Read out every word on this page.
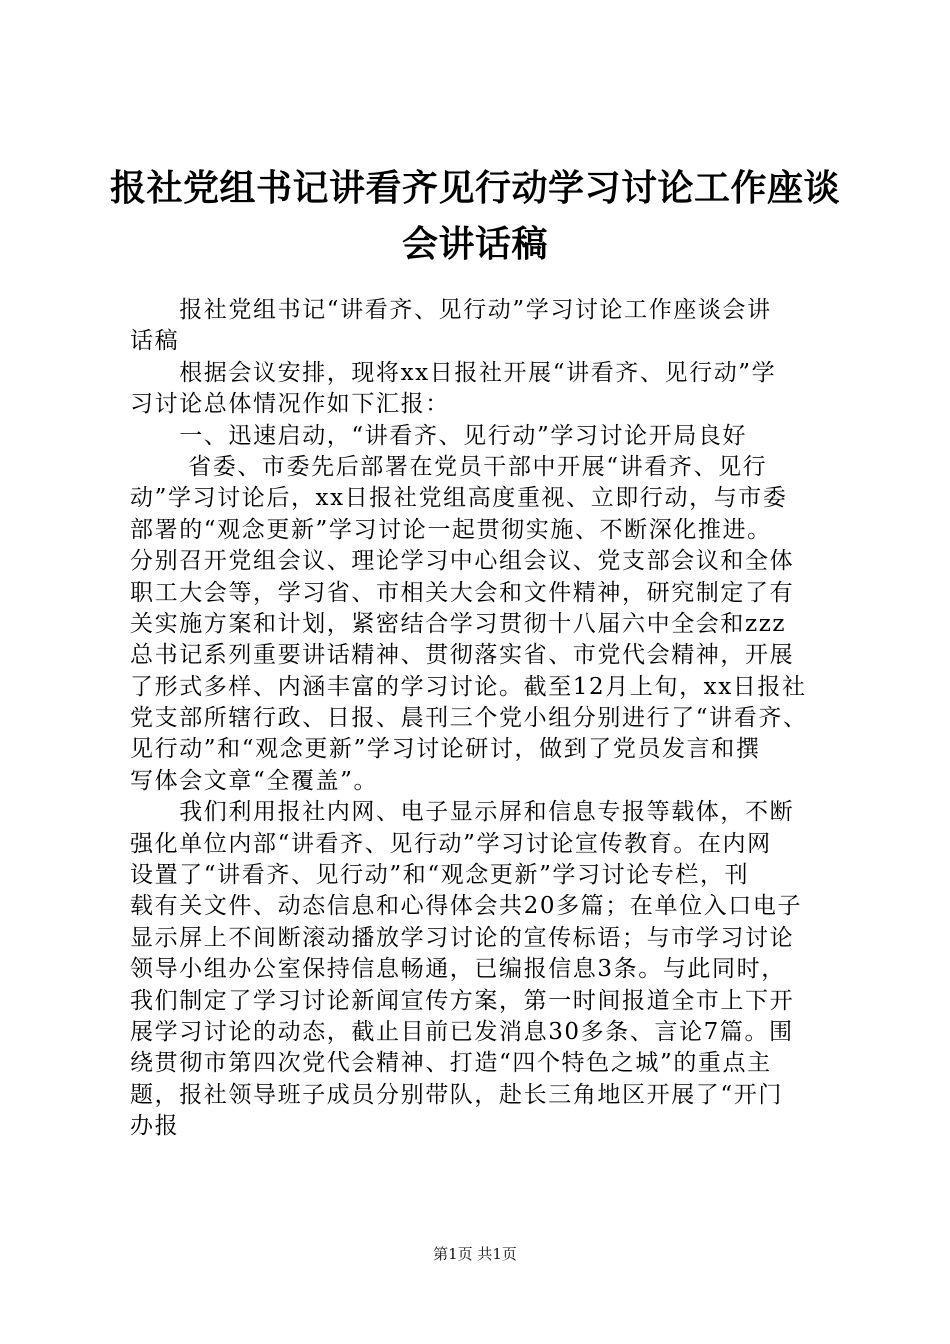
报社党组书记讲看齐见行动学习讨论工作座谈
会讲话稿
　　报社党组书记“讲看齐、见行动”学习讨论工作座谈会讲
话稿
　　根据会议安排，现将xx日报社开展“讲看齐、见行动”学
习讨论总体情况作如下汇报：
　　一、迅速启动，“讲看齐、见行动”学习讨论开局良好
　　 省委、市委先后部署在党员干部中开展“讲看齐、见行
动”学习讨论后，xx日报社党组高度重视、立即行动，与市委
部署的“观念更新”学习讨论一起贯彻实施、不断深化推进。
分别召开党组会议、理论学习中心组会议、党支部会议和全体
职工大会等，学习省、市相关大会和文件精神，研究制定了有
关实施方案和计划，紧密结合学习贯彻十八届六中全会和zzz
总书记系列重要讲话精神、贯彻落实省、市党代会精神，开展
了形式多样、内涵丰富的学习讨论。截至12月上旬，xx日报社
党支部所辖行政、日报、晨刊三个党小组分别进行了“讲看齐、
见行动”和“观念更新”学习讨论研讨，做到了党员发言和撰
写体会文章“全覆盖”。
　　我们利用报社内网、电子显示屏和信息专报等载体，不断
强化单位内部“讲看齐、见行动”学习讨论宣传教育。在内网
设置了“讲看齐、见行动”和“观念更新”学习讨论专栏，刊
载有关文件、动态信息和心得体会共20多篇；在单位入口电子
显示屏上不间断滚动播放学习讨论的宣传标语；与市学习讨论
领导小组办公室保持信息畅通，已编报信息3条。与此同时，
我们制定了学习讨论新闻宣传方案，第一时间报道全市上下开
展学习讨论的动态，截止目前已发消息30多条、言论7篇。围
绕贯彻市第四次党代会精神、打造“四个特色之城”的重点主
题，报社领导班子成员分别带队，赴长三角地区开展了“开门
办报
第1页 共1页
